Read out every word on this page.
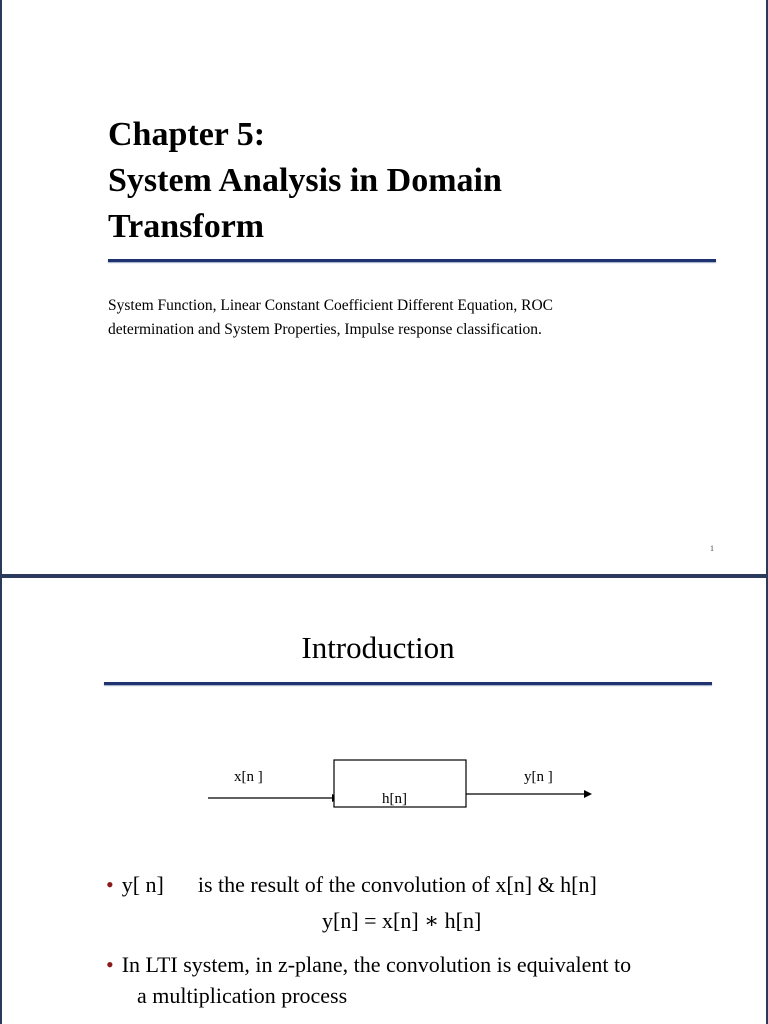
Chapter 5:
System Analysis in Domain
Transform
System Function, Linear Constant Coefficient Different Equation, ROC
determination and System Properties, Impulse response classification.
1
Introduction
x[n ]
h[n]
y[n ]
• y[ n] is the result of the convolution of x[n] & h[n]
y[n] = x[n] ∗ h[n]
• In LTI system, in z-plane, the convolution is equivalent to
a multiplication process
